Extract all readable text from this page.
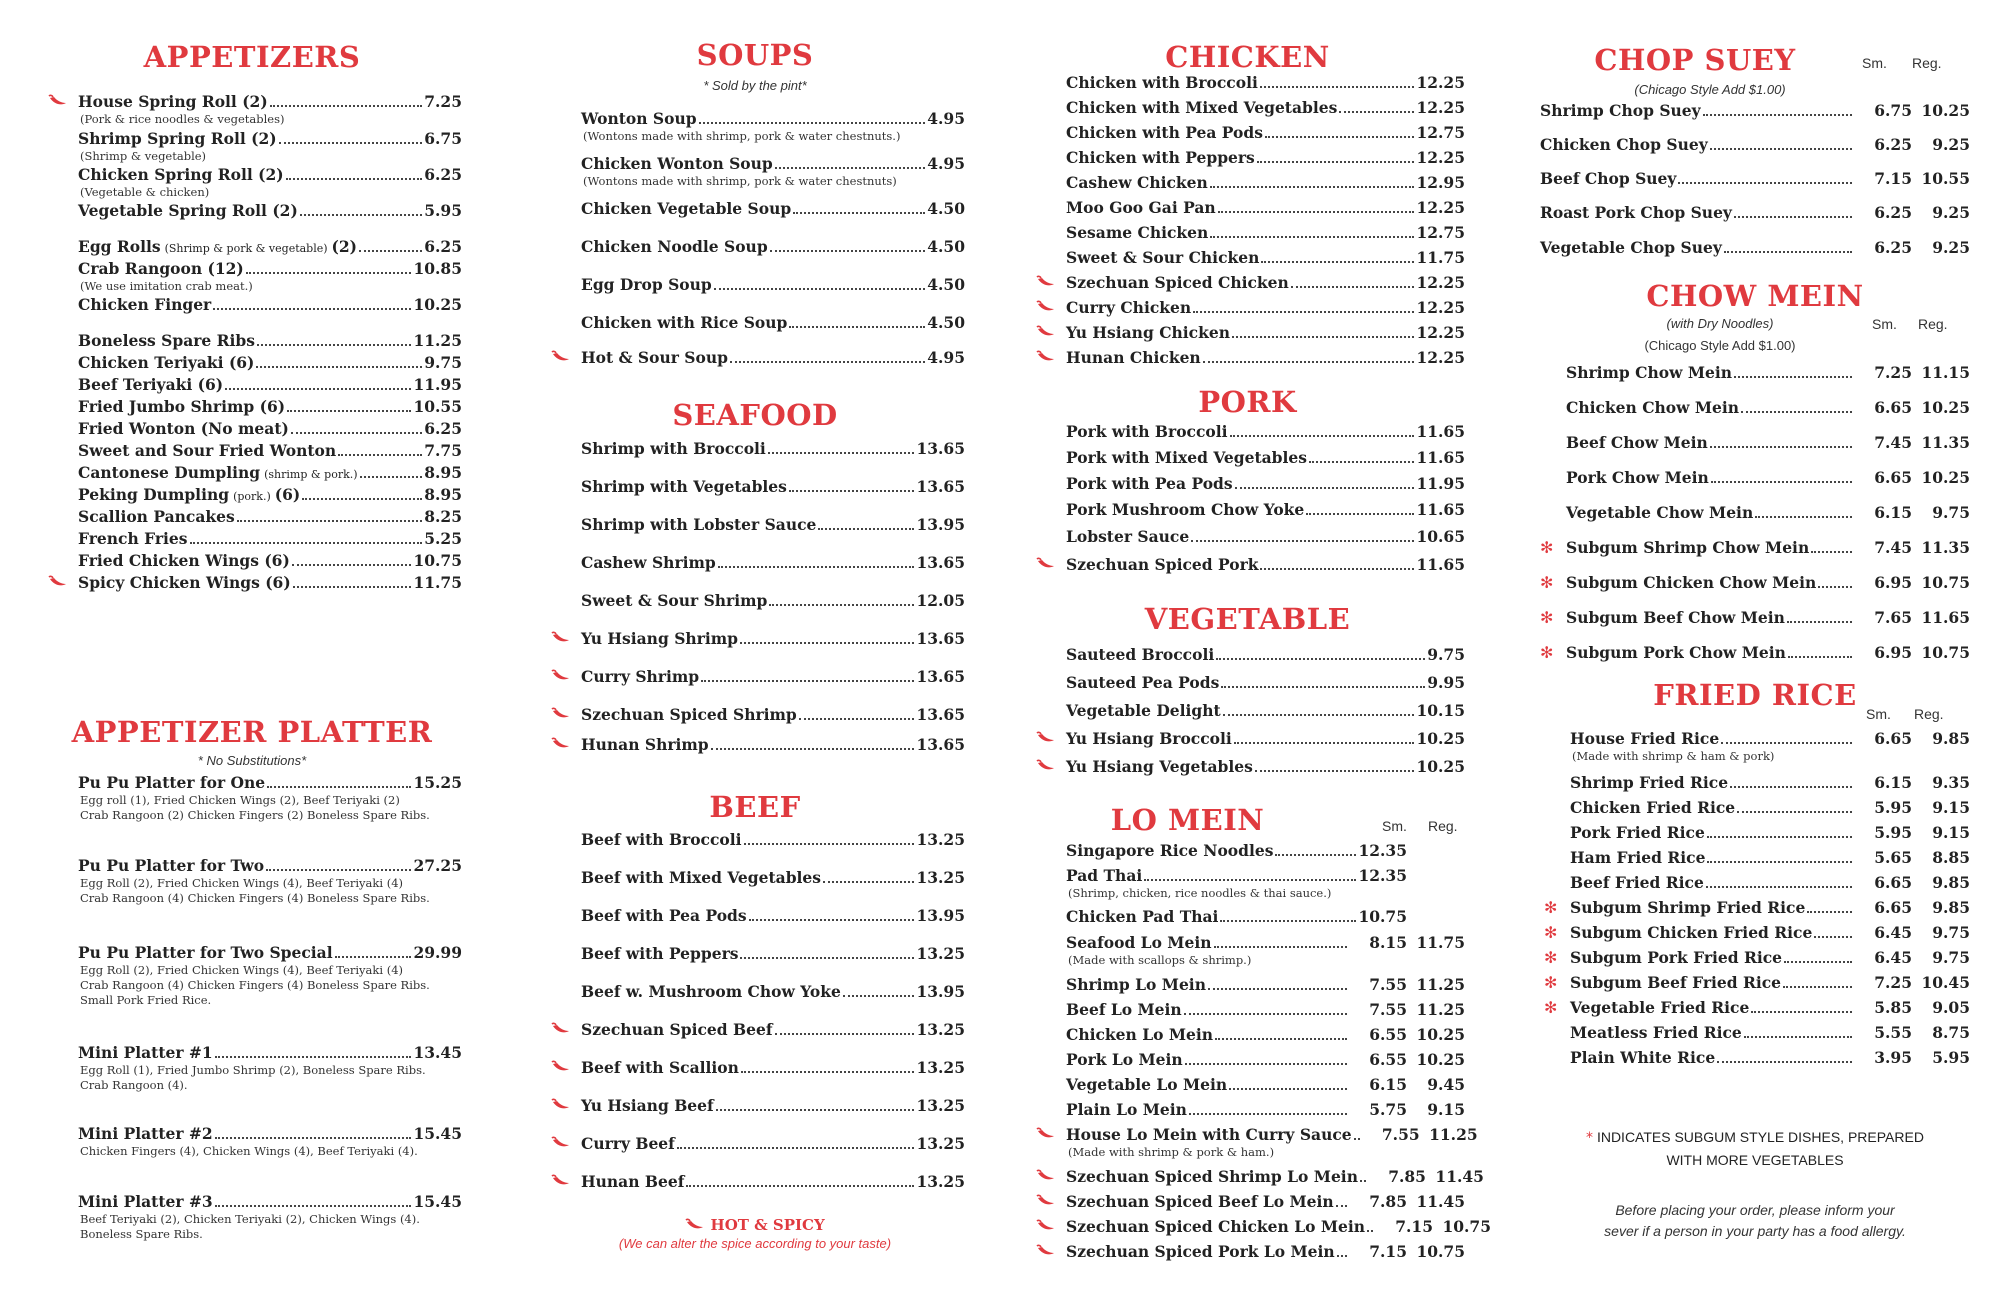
APPETIZERS
House Spring Roll (2)	7.25
(Pork & rice noodles & vegetables)
Shrimp Spring Roll (2)	6.75
(Shrimp & vegetable)
Chicken Spring Roll (2)	6.25
(Vegetable & chicken)
Vegetable Spring Roll (2)	5.95
Egg Rolls (Shrimp & pork & vegetable) (2)	6.25
Crab Rangoon (12)	10.85
(We use imitation crab meat.)
Chicken Finger	10.25
Boneless Spare Ribs	11.25
Chicken Teriyaki (6)	9.75
Beef Teriyaki (6)	11.95
Fried Jumbo Shrimp (6)	10.55
Fried Wonton (No meat)	6.25
Sweet and Sour Fried Wonton	7.75
Cantonese Dumpling (shrimp & pork.)	8.95
Peking Dumpling (pork.) (6)	8.95
Scallion Pancakes	8.25
French Fries	5.25
Fried Chicken Wings (6)	10.75
Spicy Chicken Wings (6)	11.75
APPETIZER PLATTER
* No Substitutions*
Pu Pu Platter for One	15.25
Egg roll (1), Fried Chicken Wings (2), Beef Teriyaki (2)
Crab Rangoon (2) Chicken Fingers (2) Boneless Spare Ribs.
Pu Pu Platter for Two	27.25
Egg Roll (2), Fried Chicken Wings (4), Beef Teriyaki (4)
Crab Rangoon (4) Chicken Fingers (4) Boneless Spare Ribs.
Pu Pu Platter for Two Special	29.99
Egg Roll (2), Fried Chicken Wings (4), Beef Teriyaki (4)
Crab Rangoon (4) Chicken Fingers (4) Boneless Spare Ribs.
Small Pork Fried Rice.
Mini Platter #1	13.45
Egg Roll (1), Fried Jumbo Shrimp (2), Boneless Spare Ribs.
Crab Rangoon (4).
Mini Platter #2	15.45
Chicken Fingers (4), Chicken Wings (4), Beef Teriyaki (4).
Mini Platter #3	15.45
Beef Teriyaki (2), Chicken Teriyaki (2), Chicken Wings (4).
Boneless Spare Ribs.
SOUPS
* Sold by the pint*
Wonton Soup	4.95
(Wontons made with shrimp, pork & water chestnuts.)
Chicken Wonton Soup	4.95
(Wontons made with shrimp, pork & water chestnuts)
Chicken Vegetable Soup	4.50
Chicken Noodle Soup	4.50
Egg Drop Soup	4.50
Chicken with Rice Soup	4.50
Hot & Sour Soup	4.95
SEAFOOD
Shrimp with Broccoli	13.65
Shrimp with Vegetables	13.65
Shrimp with Lobster Sauce	13.95
Cashew Shrimp	13.65
Sweet & Sour Shrimp	12.05
Yu Hsiang Shrimp	13.65
Curry Shrimp	13.65
Szechuan Spiced Shrimp	13.65
Hunan Shrimp	13.65
BEEF
Beef with Broccoli	13.25
Beef with Mixed Vegetables	13.25
Beef with Pea Pods	13.95
Beef with Peppers	13.25
Beef w. Mushroom Chow Yoke	13.95
Szechuan Spiced Beef	13.25
Beef with Scallion	13.25
Yu Hsiang Beef	13.25
Curry Beef	13.25
Hunan Beef	13.25
HOT & SPICY
(We can alter the spice according to your taste)
CHICKEN
Chicken with Broccoli	12.25
Chicken with Mixed Vegetables	12.25
Chicken with Pea Pods	12.75
Chicken with Peppers	12.25
Cashew Chicken	12.95
Moo Goo Gai Pan	12.25
Sesame Chicken	12.75
Sweet & Sour Chicken	11.75
Szechuan Spiced Chicken	12.25
Curry Chicken	12.25
Yu Hsiang Chicken	12.25
Hunan Chicken	12.25
PORK
Pork with Broccoli	11.65
Pork with Mixed Vegetables	11.65
Pork with Pea Pods	11.95
Pork Mushroom Chow Yoke	11.65
Lobster Sauce	10.65
Szechuan Spiced Pork	11.65
VEGETABLE
Sauteed Broccoli	9.75
Sauteed Pea Pods	9.95
Vegetable Delight	10.15
Yu Hsiang Broccoli	10.25
Yu Hsiang Vegetables	10.25
LO MEIN	Sm. Reg.
Singapore Rice Noodles	12.35
Pad Thai	12.35
(Shrimp, chicken, rice noodles & thai sauce.)
Chicken Pad Thai	10.75
Seafood Lo Mein	8.15 11.75
(Made with scallops & shrimp.)
Shrimp Lo Mein	7.55 11.25
Beef Lo Mein	7.55 11.25
Chicken Lo Mein	6.55 10.25
Pork Lo Mein	6.55 10.25
Vegetable Lo Mein	6.15	9.45
Plain Lo Mein	5.75	9.15
House Lo Mein with Curry Sauce	7.55 11.25
(Made with shrimp & pork & ham.)
Szechuan Spiced Shrimp Lo Mein	7.85 11.45
Szechuan Spiced Beef Lo Mein	7.85 11.45
Szechuan Spiced Chicken Lo Mein	7.15 10.75
Szechuan Spiced Pork Lo Mein	7.15 10.75
CHOP SUEY	Sm. Reg.
(Chicago Style Add $1.00)
Shrimp Chop Suey	6.75 10.25
Chicken Chop Suey	6.25	9.25
Beef Chop Suey	7.15 10.55
Roast Pork Chop Suey	6.25	9.25
Vegetable Chop Suey	6.25	9.25
CHOW MEIN
(with Dry Noodles)	Sm. Reg.
(Chicago Style Add $1.00)
Shrimp Chow Mein	7.25 11.15
Chicken Chow Mein	6.65 10.25
Beef Chow Mein	7.45 11.35
Pork Chow Mein	6.65 10.25
Vegetable Chow Mein	6.15	9.75
✻ Subgum Shrimp Chow Mein	7.45 11.35
✻ Subgum Chicken Chow Mein	6.95 10.75
✻ Subgum Beef Chow Mein	7.65 11.65
✻ Subgum Pork Chow Mein	6.95 10.75
FRIED RICE
Sm. Reg.
House Fried Rice	6.65	9.85
(Made with shrimp & ham & pork)
Shrimp Fried Rice	6.15	9.35
Chicken Fried Rice	5.95	9.15
Pork Fried Rice	5.95	9.15
Ham Fried Rice	5.65	8.85
Beef Fried Rice	6.65	9.85
✻ Subgum Shrimp Fried Rice	6.65	9.85
✻ Subgum Chicken Fried Rice	6.45	9.75
✻ Subgum Pork Fried Rice	6.45	9.75
✻ Subgum Beef Fried Rice	7.25 10.45
✻ Vegetable Fried Rice	5.85	9.05
Meatless Fried Rice	5.55	8.75
Plain White Rice	3.95	5.95
* INDICATES SUBGUM STYLE DISHES, PREPARED
WITH MORE VEGETABLES
Before placing your order, please inform your
sever if a person in your party has a food allergy.
